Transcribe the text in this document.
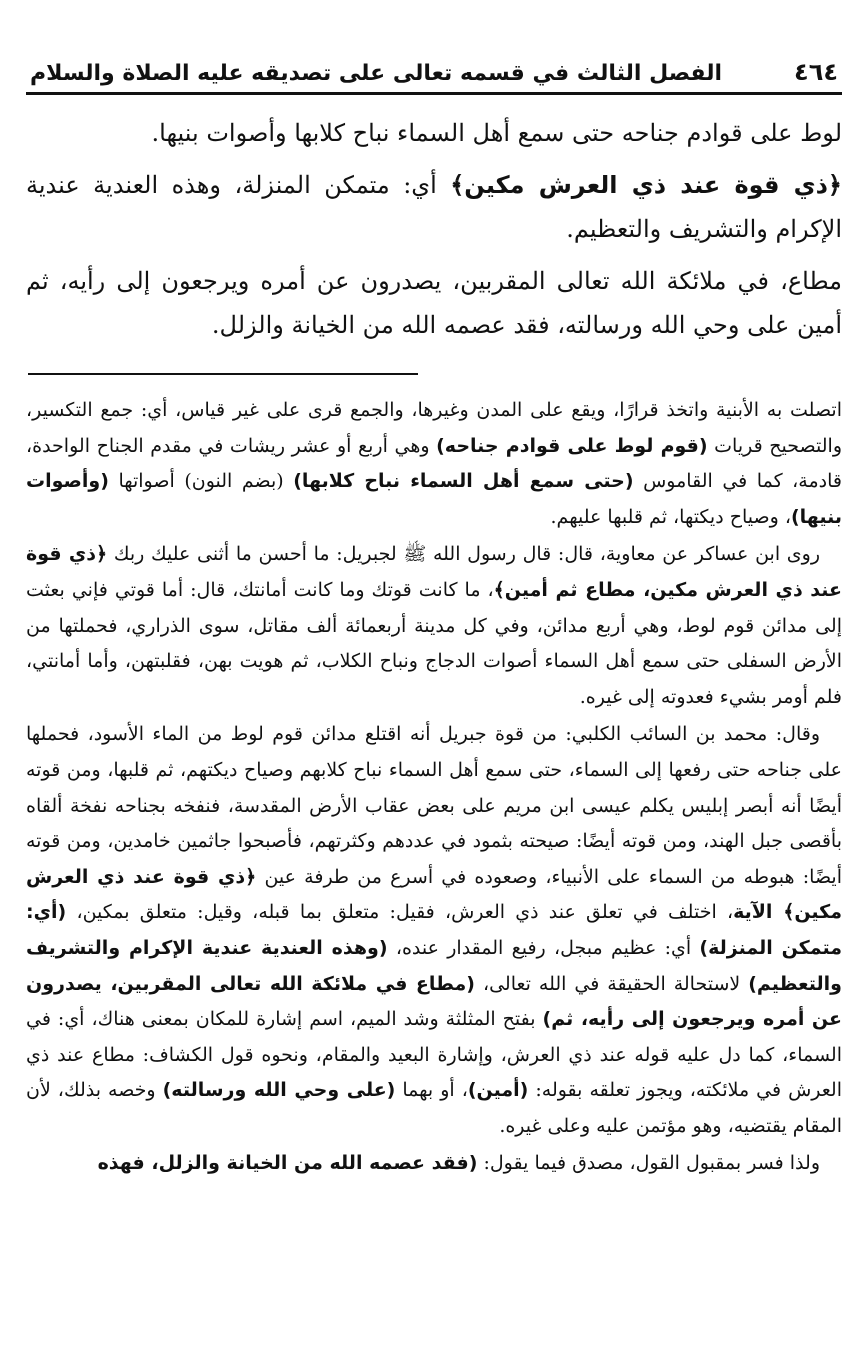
٤٦٤
الفصل الثالث في قسمه تعالى على تصديقه عليه الصلاة والسلام

لوط على قوادم جناحه حتى سمع أهل السماء نباح كلابها وأصوات بنيها.

﴿ذي قوة عند ذي العرش مكين﴾ أي: متمكن المنزلة، وهذه العندية عندية الإكرام والتشريف والتعظيم.

مطاع، في ملائكة الله تعالى المقربين، يصدرون عن أمره ويرجعون إلى رأيه، ثم أمين على وحي الله ورسالته، فقد عصمه الله من الخيانة والزلل.

اتصلت به الأبنية واتخذ قرارًا، ويقع على المدن وغيرها، والجمع قرى على غير قياس، أي: جمع التكسير، والتصحيح قريات (قوم لوط على قوادم جناحه) وهي أربع أو عشر ريشات في مقدم الجناح الواحدة، قادمة، كما في القاموس (حتى سمع أهل السماء نباح كلابها) (بضم النون) أصواتها (وأصوات بنيها)، وصياح ديكتها، ثم قلبها عليهم.

روى ابن عساكر عن معاوية، قال: قال رسول الله ﷺ لجبريل: ما أحسن ما أثنى عليك ربك ﴿ذي قوة عند ذي العرش مكين، مطاع ثم أمين﴾، ما كانت قوتك وما كانت أمانتك، قال: أما قوتي فإني بعثت إلى مدائن قوم لوط، وهي أربع مدائن، وفي كل مدينة أربعمائة ألف مقاتل، سوى الذراري، فحملتها من الأرض السفلى حتى سمع أهل السماء أصوات الدجاج ونباح الكلاب، ثم هويت بهن، فقلبتهن، وأما أمانتي، فلم أومر بشيء فعدوته إلى غيره.

وقال: محمد بن السائب الكلبي: من قوة جبريل أنه اقتلع مدائن قوم لوط من الماء الأسود، فحملها على جناحه حتى رفعها إلى السماء، حتى سمع أهل السماء نباح كلابهم وصياح ديكتهم، ثم قلبها، ومن قوته أيضًا أنه أبصر إبليس يكلم عيسى ابن مريم على بعض عقاب الأرض المقدسة، فنفخه بجناحه نفخة ألقاه بأقصى جبل الهند، ومن قوته أيضًا: صيحته بثمود في عددهم وكثرتهم، فأصبحوا جاثمين خامدين، ومن قوته أيضًا: هبوطه من السماء على الأنبياء، وصعوده في أسرع من طرفة عين ﴿ذي قوة عند ذي العرش مكين﴾ الآية، اختلف في تعلق عند ذي العرش، فقيل: متعلق بما قبله، وقيل: متعلق بمكين، (أي: متمكن المنزلة) أي: عظيم مبجل، رفيع المقدار عنده، (وهذه العندية عندية الإكرام والتشريف والتعظيم) لاستحالة الحقيقة في الله تعالى، (مطاع في ملائكة الله تعالى المقربين، يصدرون عن أمره ويرجعون إلى رأيه، ثم) بفتح المثلثة وشد الميم، اسم إشارة للمكان بمعنى هناك، أي: في السماء، كما دل عليه قوله عند ذي العرش، وإشارة البعيد والمقام، ونحوه قول الكشاف: مطاع عند ذي العرش في ملائكته، ويجوز تعلقه بقوله: (أمين)، أو بهما (على وحي الله ورسالته) وخصه بذلك، لأن المقام يقتضيه، وهو مؤتمن عليه وعلى غيره.

ولذا فسر بمقبول القول، مصدق فيما يقول: (فقد عصمه الله من الخيانة والزلل، فهذه
